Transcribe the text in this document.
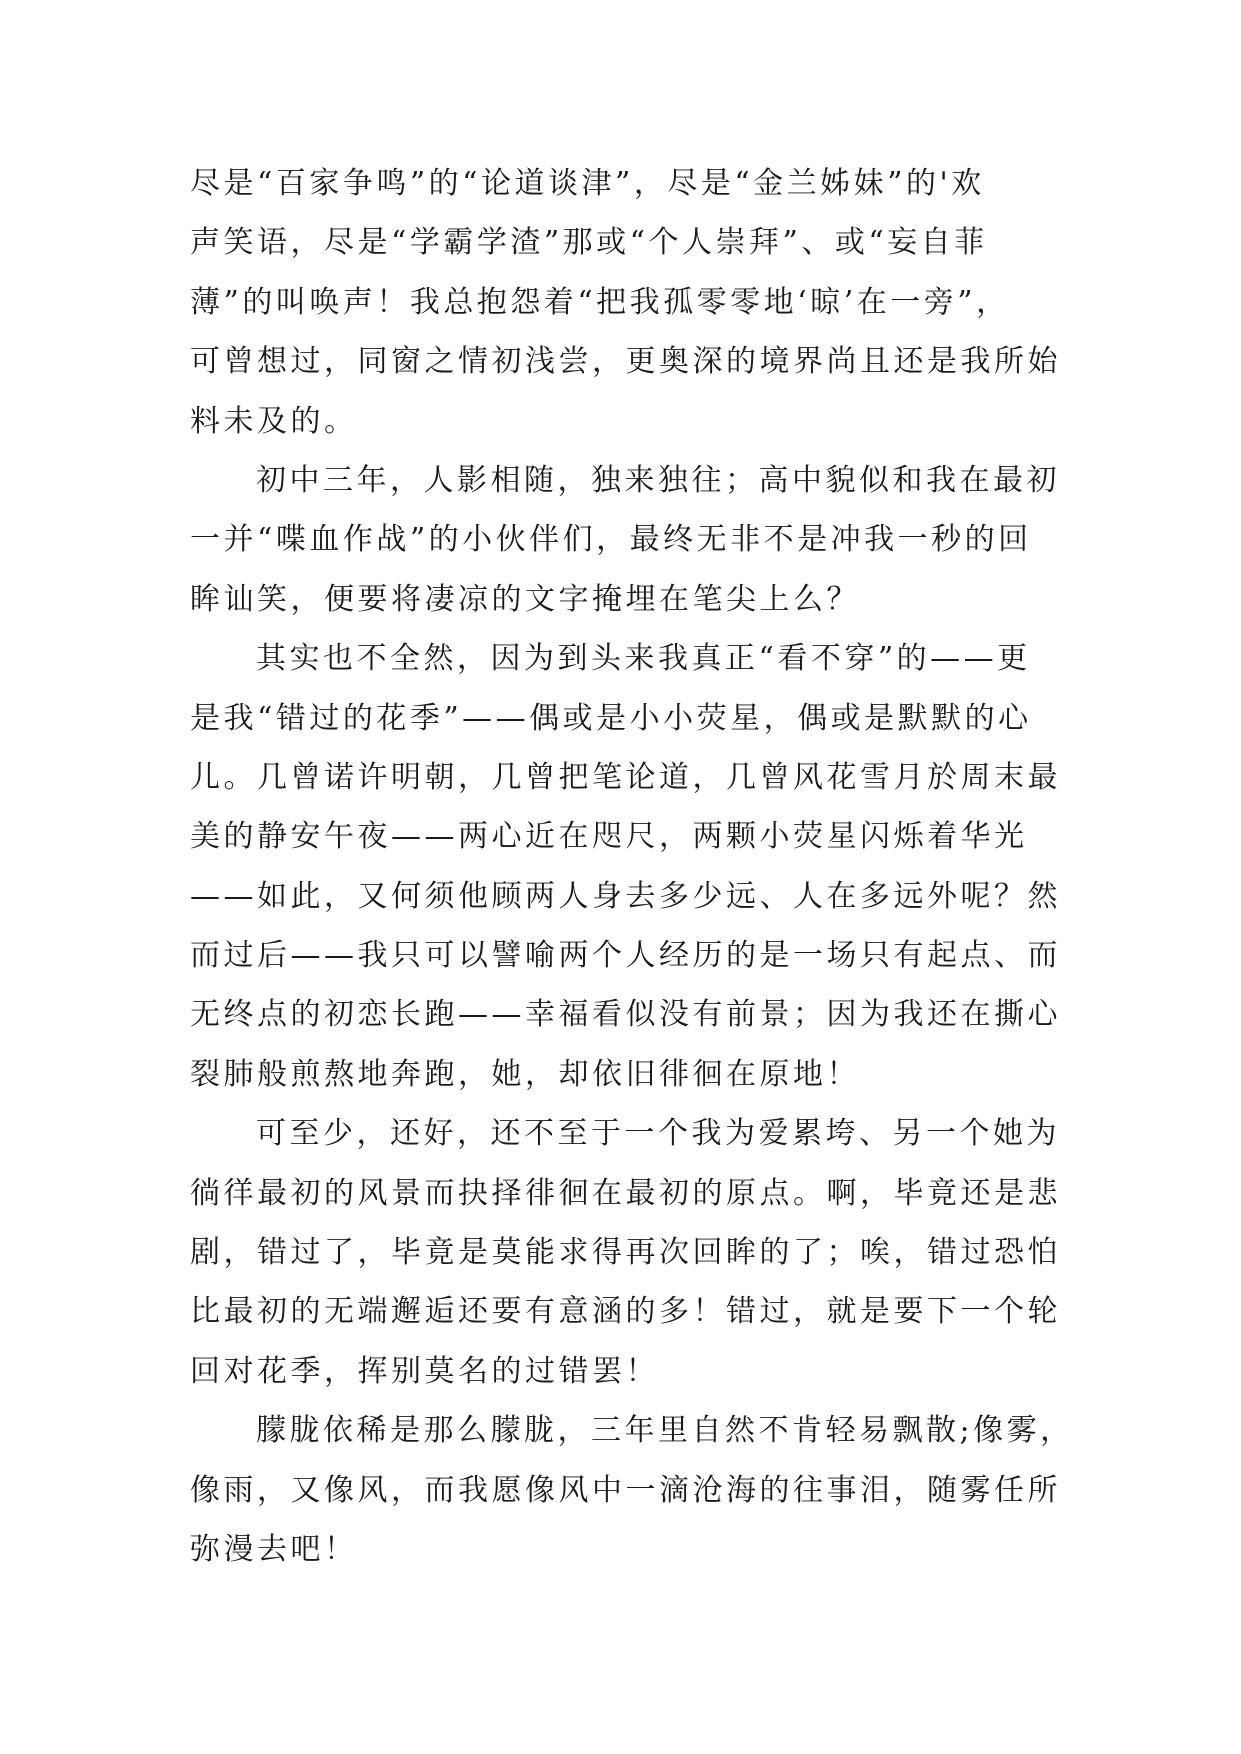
尽是“百家争鸣”的“论道谈津”，尽是“金兰姊妹”的'欢
声笑语，尽是“学霸学渣”那或“个人崇拜”、或“妄自菲
薄”的叫唤声！我总抱怨着“把我孤零零地‘晾’在一旁”，
可曾想过，同窗之情初浅尝，更奥深的境界尚且还是我所始
料未及的。
初中三年，人影相随，独来独往；高中貌似和我在最初
一并“喋血作战”的小伙伴们，最终无非不是冲我一秒的回
眸讪笑，便要将凄凉的文字掩埋在笔尖上么？
其实也不全然，因为到头来我真正“看不穿”的——更
是我“错过的花季”——偶或是小小荧星，偶或是默默的心
儿。几曾诺许明朝，几曾把笔论道，几曾风花雪月於周末最
美的静安午夜——两心近在咫尺，两颗小荧星闪烁着华光
——如此，又何须他顾两人身去多少远、人在多远外呢？然
而过后——我只可以譬喻两个人经历的是一场只有起点、而
无终点的初恋长跑——幸福看似没有前景；因为我还在撕心
裂肺般煎熬地奔跑，她，却依旧徘徊在原地！
可至少，还好，还不至于一个我为爱累垮、另一个她为
徜徉最初的风景而抉择徘徊在最初的原点。啊，毕竟还是悲
剧，错过了，毕竟是莫能求得再次回眸的了；唉，错过恐怕
比最初的无端邂逅还要有意涵的多！错过，就是要下一个轮
回对花季，挥别莫名的过错罢！
朦胧依稀是那么朦胧，三年里自然不肯轻易飘散;像雾，
像雨，又像风，而我愿像风中一滴沧海的往事泪，随雾任所
弥漫去吧！
